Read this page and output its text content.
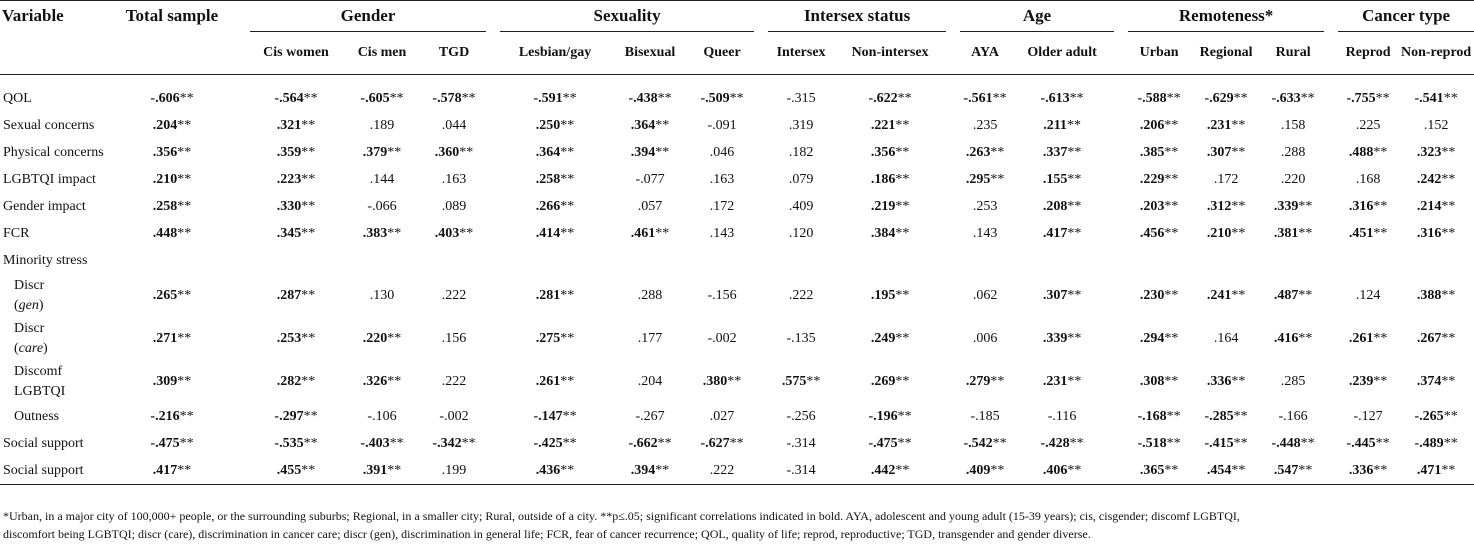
Variable	Total sample		Gender				Sexuality				Intersex status			Age			Remoteness*				Cancer type	
			Cis women	Cis men	TGD		Lesbian/gay	Bisexual	Queer		Intersex	Non-intersex		AYA	Older adult		Urban	Regional	Rural		Reprod	Non-reprod
QOL	-.606**		-.564**	-.605**	-.578**		-.591**	-.438**	-.509**		-.315	-.622**		-.561**	-.613**		-.588**	-.629**	-.633**		-.755**	-.541**
Sexual concerns	.204**		.321**	.189	.044		.250**	.364**	-.091		.319	.221**		.235	.211**		.206**	.231**	.158		.225	.152
Physical concerns	.356**		.359**	.379**	.360**		.364**	.394**	.046		.182	.356**		.263**	.337**		.385**	.307**	.288		.488**	.323**
LGBTQI impact	.210**		.223**	.144	.163		.258**	-.077	.163		.079	.186**		.295**	.155**		.229**	.172	.220		.168	.242**
Gender impact	.258**		.330**	-.066	.089		.266**	.057	.172		.409	.219**		.253	.208**		.203**	.312**	.339**		.316**	.214**
FCR	.448**		.345**	.383**	.403**		.414**	.461**	.143		.120	.384**		.143	.417**		.456**	.210**	.381**		.451**	.316**
Minority stress																						
Discr
(gen)	.265**		.287**	.130	.222		.281**	.288	-.156		.222	.195**		.062	.307**		.230**	.241**	.487**		.124	.388**
Discr
(care)	.271**		.253**	.220**	.156		.275**	.177	-.002		-.135	.249**		.006	.339**		.294**	.164	.416**		.261**	.267**
Discomf
LGBTQI	.309**		.282**	.326**	.222		.261**	.204	.380**		.575**	.269**		.279**	.231**		.308**	.336**	.285		.239**	.374**
Outness	-.216**		-.297**	-.106	-.002		-.147**	-.267	.027		-.256	-.196**		-.185	-.116		-.168**	-.285**	-.166		-.127	-.265**
Social support	-.475**		-.535**	-.403**	-.342**		-.425**	-.662**	-.627**		-.314	-.475**		-.542**	-.428**		-.518**	-.415**	-.448**		-.445**	-.489**
Social support	.417**		.455**	.391**	.199		.436**	.394**	.222		-.314	.442**		.409**	.406**		.365**	.454**	.547**		.336**	.471**
*Urban, in a major city of 100,000+ people, or the surrounding suburbs; Regional, in a smaller city; Rural, outside of a city. **p≤.05; significant correlations indicated in bold. AYA, adolescent and young adult (15-39 years); cis, cisgender; discomf LGBTQI,
discomfort being LGBTQI; discr (care), discrimination in cancer care; discr (gen), discrimination in general life; FCR, fear of cancer recurrence; QOL, quality of life; reprod, reproductive; TGD, transgender and gender diverse.
